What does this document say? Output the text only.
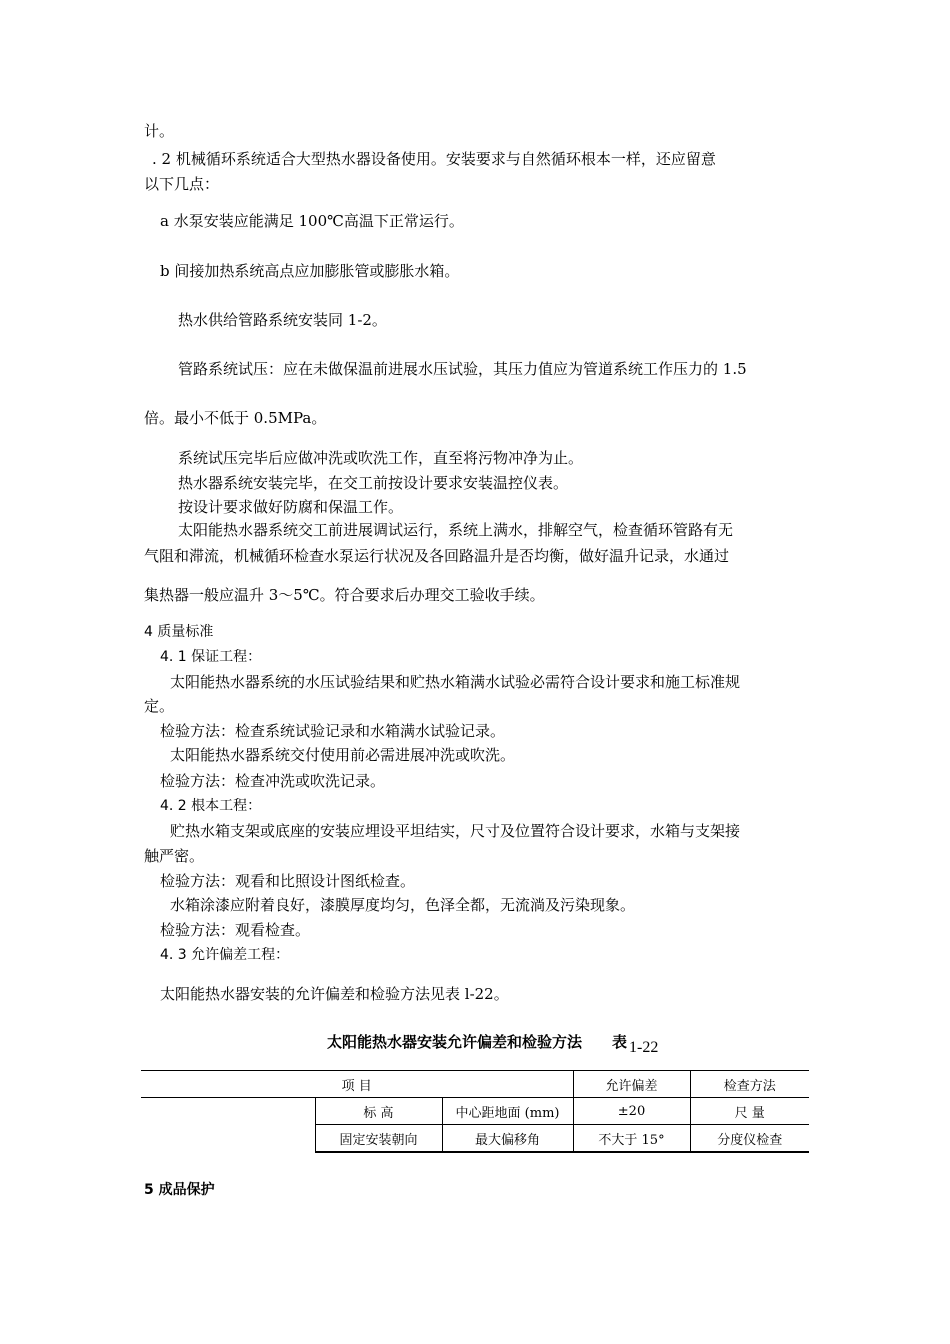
计。
. 2 机械循环系统适合大型热水器设备使用。安装要求与自然循环根本一样，还应留意
以下几点：
a 水泵安装应能满足 100℃高温下正常运行。
b 间接加热系统高点应加膨胀管或膨胀水箱。
热水供给管路系统安装同 1-2。
管路系统试压：应在未做保温前进展水压试验，其压力值应为管道系统工作压力的 1.5
倍。最小不低于 0.5MPa。
系统试压完毕后应做冲洗或吹洗工作，直至将污物冲净为止。
热水器系统安装完毕，在交工前按设计要求安装温控仪表。
按设计要求做好防腐和保温工作。
太阳能热水器系统交工前进展调试运行，系统上满水，排解空气，检查循环管路有无
气阻和滞流，机械循环检查水泵运行状况及各回路温升是否均衡，做好温升记录，水通过
集热器一般应温升 3～5℃。符合要求后办理交工验收手续。
4 质量标准
4. 1 保证工程：
太阳能热水器系统的水压试验结果和贮热水箱满水试验必需符合设计要求和施工标准规
定。
检验方法：检查系统试验记录和水箱满水试验记录。
太阳能热水器系统交付使用前必需进展冲洗或吹洗。
检验方法：检查冲洗或吹洗记录。
4. 2 根本工程：
贮热水箱支架或底座的安装应埋设平坦结实，尺寸及位置符合设计要求，水箱与支架接
触严密。
检验方法：观看和比照设计图纸检查。
水箱涂漆应附着良好，漆膜厚度均匀，色泽全都，无流淌及污染现象。
检验方法：观看检查。
4. 3 允许偏差工程：
太阳能热水器安装的允许偏差和检验方法见表 l-22。
太阳能热水器安装允许偏差和检验方法 表 1-22
项 目			允许偏差	检查方法
	标 高	中心距地面 (mm)	±20	尺 量
	固定安装朝向	最大偏移角	不大于 15°	分度仪检查
5 成品保护
